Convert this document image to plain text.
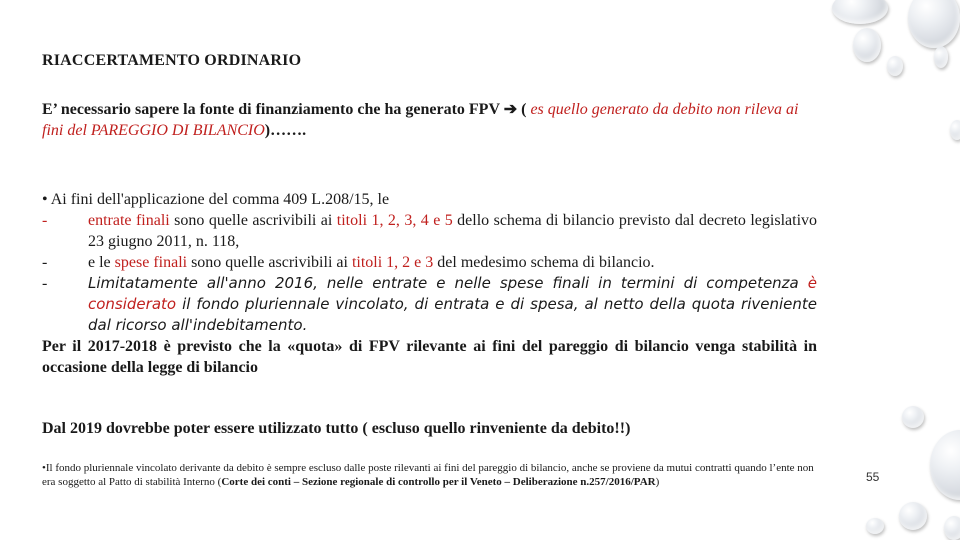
RIACCERTAMENTO ORDINARIO
E’ necessario sapere la fonte di finanziamento che ha generato FPV ➔ ( es quello generato da debito non rileva ai fini del PAREGGIO DI BILANCIO)…….
• Ai fini dell'applicazione del comma 409 L.208/15, le
-	entrate finali sono quelle ascrivibili ai titoli 1, 2, 3, 4 e 5 dello schema di bilancio previsto dal decreto legislativo 23 giugno 2011, n. 118,
-	e le spese finali sono quelle ascrivibili ai titoli 1, 2 e 3 del medesimo schema di bilancio.
-	Limitatamente all'anno 2016, nelle entrate e nelle spese finali in termini di competenza è considerato il fondo pluriennale vincolato, di entrata e di spesa, al netto della quota riveniente dal ricorso all'indebitamento.
Per il 2017-2018 è previsto che la «quota» di FPV rilevante ai fini del pareggio di bilancio venga stabilità in occasione della legge di bilancio
Dal 2019 dovrebbe poter essere utilizzato tutto ( escluso quello rinveniente da debito!!)
•Il fondo pluriennale vincolato derivante da debito è sempre escluso dalle poste rilevanti ai fini del pareggio di bilancio, anche se proviene da mutui contratti quando l’ente non era soggetto al Patto di stabilità Interno (Corte dei conti – Sezione regionale di controllo per il Veneto – Deliberazione n.257/2016/PAR)	55
